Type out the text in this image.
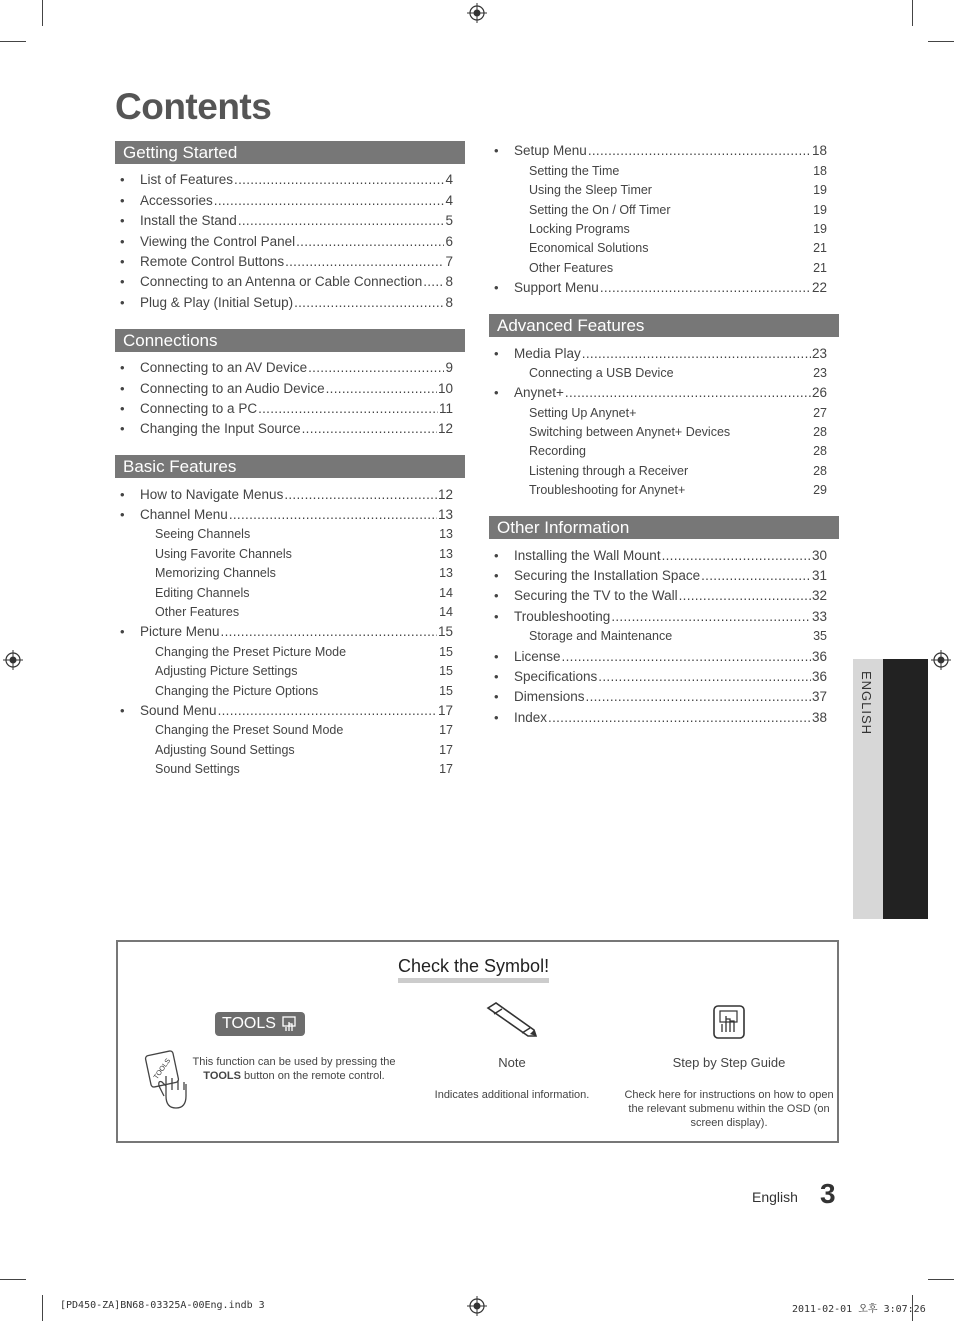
Contents
Getting Started
• List of Features .....	4
• Accessories .....	4
• Install the Stand .....	5
• Viewing the Control Panel .....	6
• Remote Control Buttons .....	7
• Connecting to an Antenna or Cable Connection ..... 8
• Plug & Play (Initial Setup) .....	8
Connections
• Connecting to an AV Device .....	9
• Connecting to an Audio Device .....	10
• Connecting to a PC .....	11
• Changing the Input Source .....	12
Basic Features
• How to Navigate Menus .....	12
• Channel Menu .....	13
Seeing Channels	13
Using Favorite Channels	13
Memorizing Channels	13
Editing Channels	14
Other Features	14
• Picture Menu .....	15
Changing the Preset Picture Mode	15
Adjusting Picture Settings	15
Changing the Picture Options	15
• Sound Menu .....	17
Changing the Preset Sound Mode	17
Adjusting Sound Settings	17
Sound Settings	17
• Setup Menu .....	18
Setting the Time	18
Using the Sleep Timer	19
Setting the On / Off Timer	19
Locking Programs	19
Economical Solutions	21
Other Features	21
• Support Menu .....	22
Advanced Features
• Media Play .....	23
Connecting a USB Device	23
• Anynet+ .....	26
Setting Up Anynet+	27
Switching between Anynet+ Devices	28
Recording	28
Listening through a Receiver	28
Troubleshooting for Anynet+	29
Other Information
• Installing the Wall Mount .....	30
• Securing the Installation Space .....	31
• Securing the TV to the Wall .....	32
• Troubleshooting .....	33
Storage and Maintenance	35
• License .....	36
• Specifications .....	36
• Dimensions .....	37
• Index .....	38 ENGLISH
Check the Symbol!
TOOLS
TOOLS This function can be used by pressing the
TOOLS button on the remote control.
Note
Indicates additional information.
Step by Step Guide
Check here for instructions on how to open the relevant submenu within the OSD (on screen display).
English 3
[PD450-ZA]BN68-03325A-00Eng.indb 3	2011-02-01 오후 3:07:26
